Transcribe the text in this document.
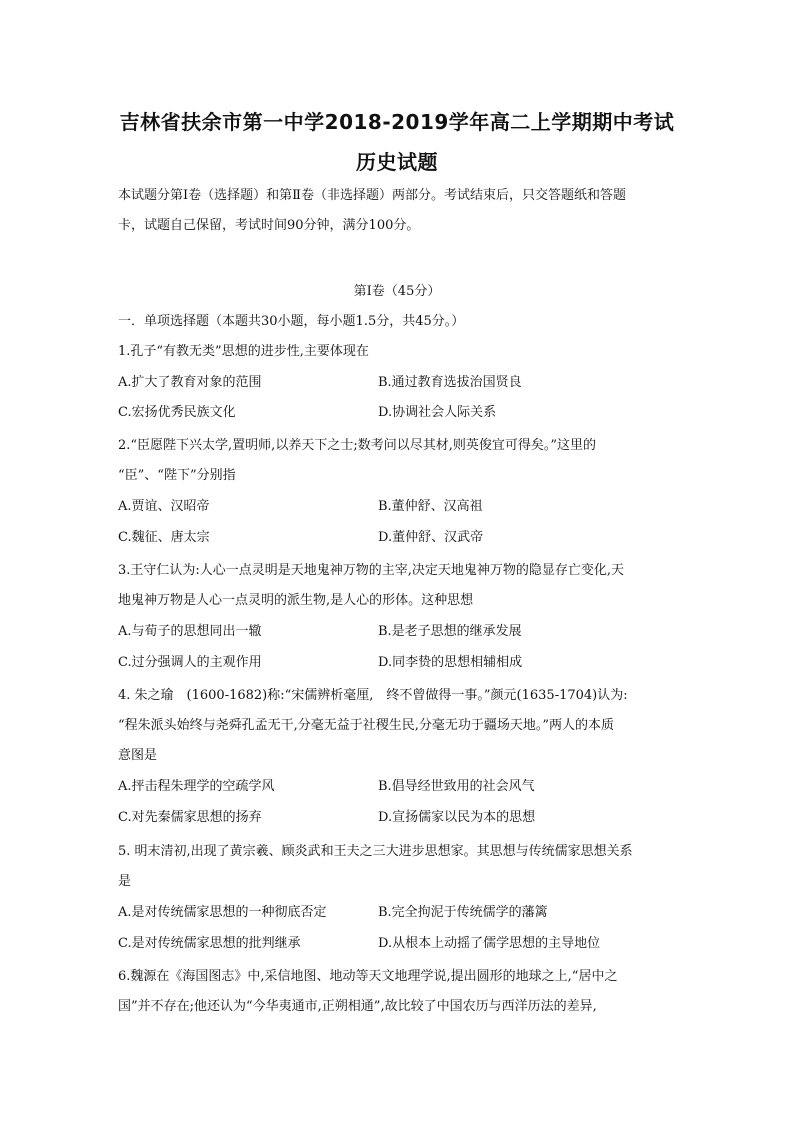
吉林省扶余市第一中学2018-2019学年高二上学期期中考试
历史试题
本试题分第Ⅰ卷（选择题）和第Ⅱ卷（非选择题）两部分。考试结束后，只交答题纸和答题
卡，试题自己保留，考试时间90分钟，满分100分。
第Ⅰ卷（45分）
一．单项选择题（本题共30小题，每小题1.5分，共45分。）
1.孔子“有教无类”思想的进步性,主要体现在
A.扩大了教育对象的范围	B.通过教育选拔治国贤良
C.宏扬优秀民族文化	D.协调社会人际关系
2.“臣愿陛下兴太学,置明师,以养天下之士;数考问以尽其材,则英俊宜可得矣。”这里的
“臣”、“陛下”分别指
A.贾谊、汉昭帝	B.董仲舒、汉高祖
C.魏征、唐太宗	D.董仲舒、汉武帝
3.王守仁认为:人心一点灵明是天地鬼神万物的主宰,决定天地鬼神万物的隐显存亡变化,天
地鬼神万物是人心一点灵明的派生物,是人心的形体。这种思想
A.与荀子的思想同出一辙	B.是老子思想的继承发展
C.过分强调人的主观作用	D.同李贽的思想相辅相成
4. 朱之瑜　(1600-1682)称:“宋儒辨析毫厘,　终不曾做得一事。”颜元(1635-1704)认为:
“程朱派头始终与尧舜孔孟无干,分毫无益于社稷生民,分毫无功于疆场天地。”两人的本质
意图是
A.抨击程朱理学的空疏学风	B.倡导经世致用的社会风气
C.对先秦儒家思想的扬弃	D.宣扬儒家以民为本的思想
5. 明末清初,出现了黄宗羲、顾炎武和王夫之三大进步思想家。其思想与传统儒家思想关系
是
A.是对传统儒家思想的一种彻底否定	B.完全拘泥于传统儒学的藩篱
C.是对传统儒家思想的批判继承	D.从根本上动摇了儒学思想的主导地位
6.魏源在《海国图志》中,采信地图、地动等天文地理学说,提出圆形的地球之上,“居中之
国”并不存在;他还认为“今华夷通市,正朔相通”,故比较了中国农历与西洋历法的差异,
